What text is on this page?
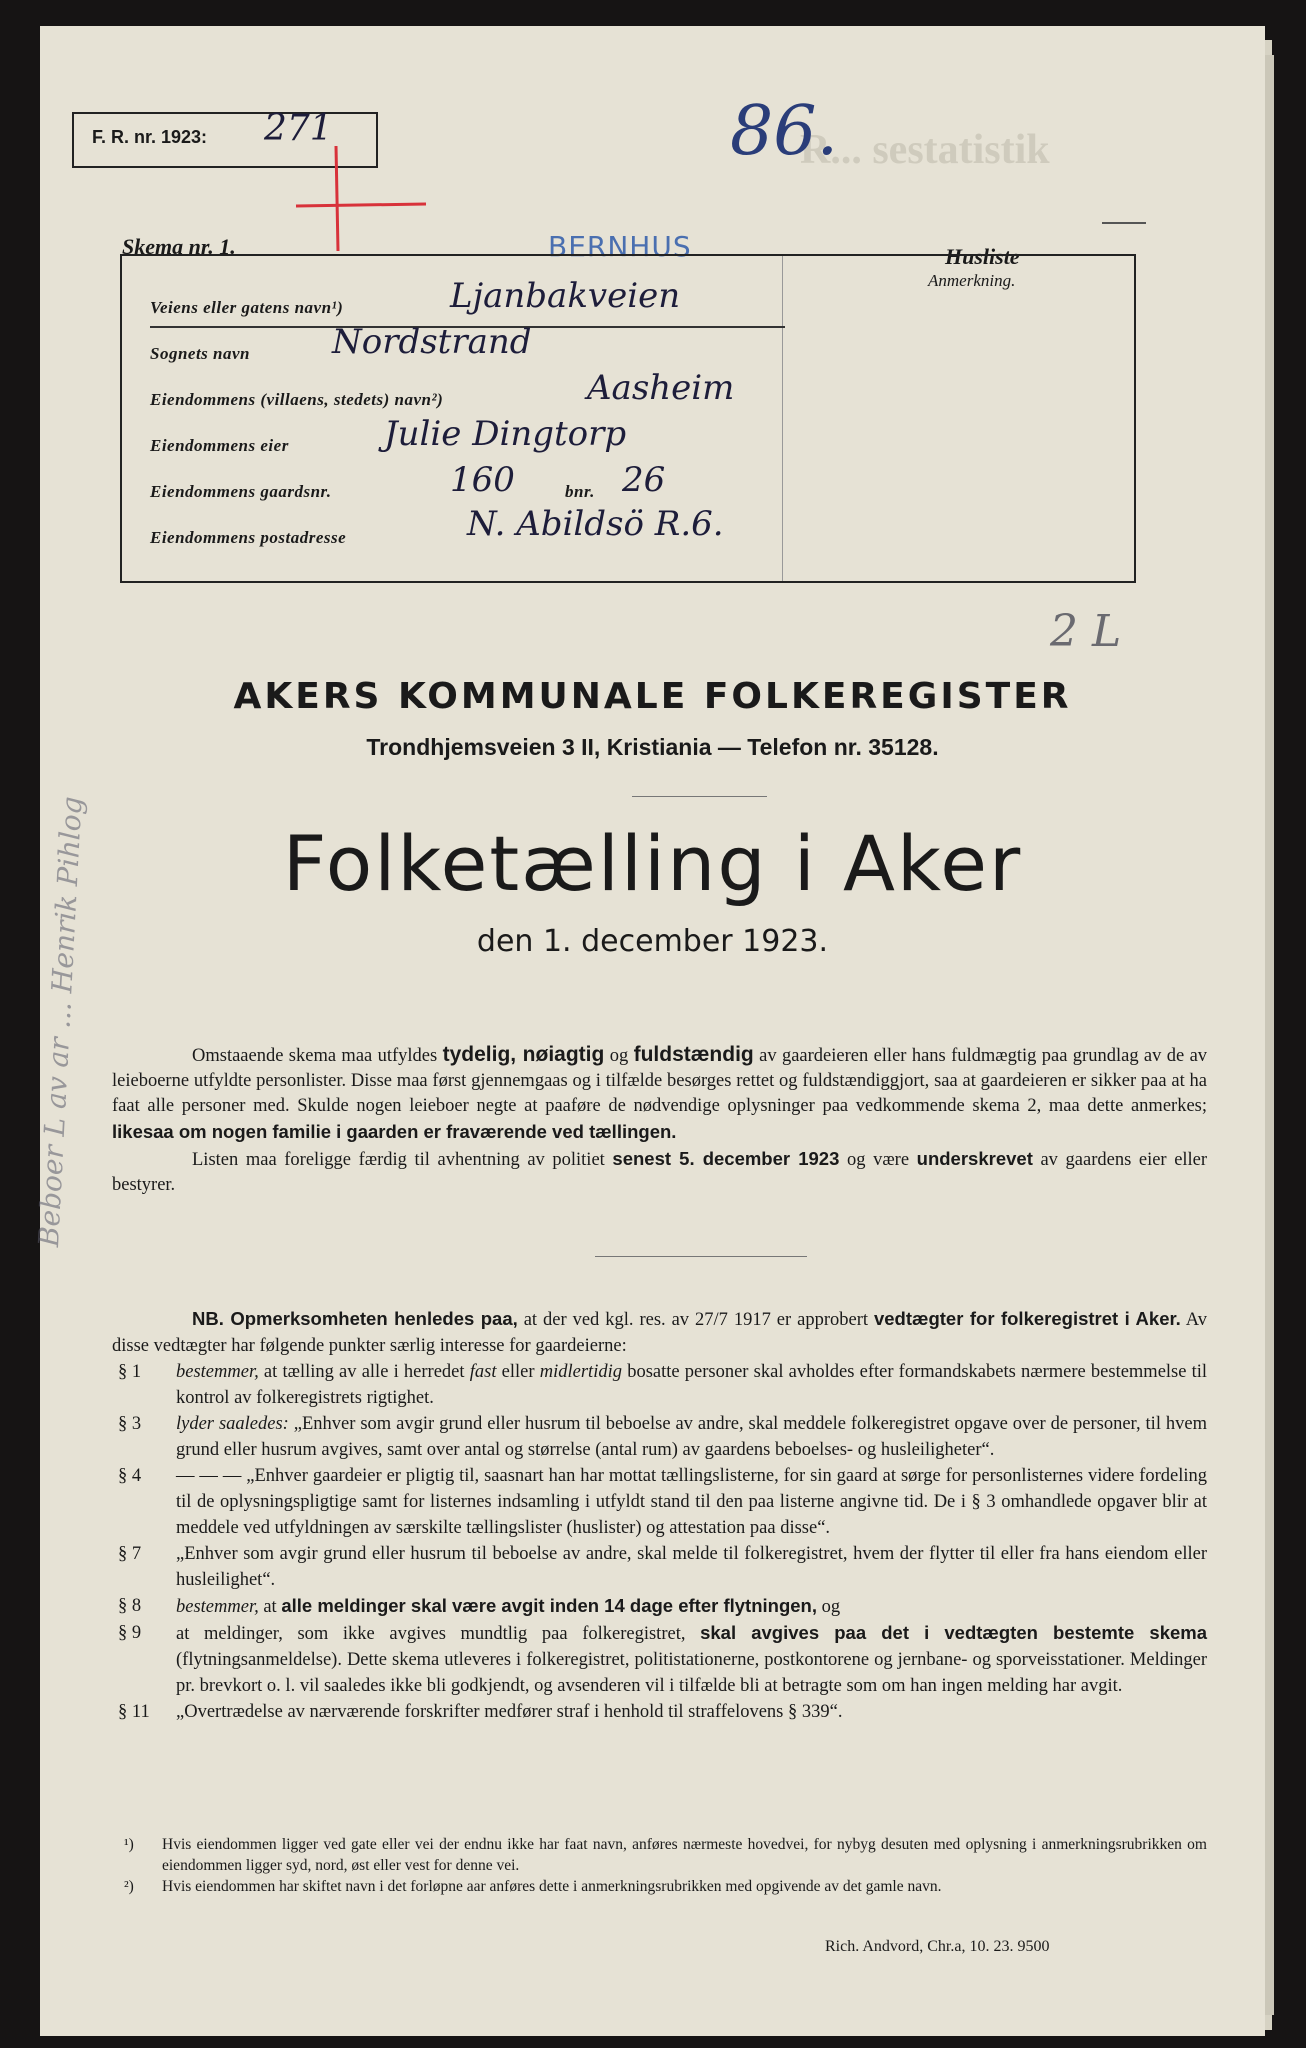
R... sestatistik
F. R. nr. 1923: 271	86.
Skema nr. 1.	BERNHUS	Husliste
Anmerkning.
Veiens eller gatens navn¹)	Ljanbakveien
Sognets navn Nordstrand
Eiendommens (villaens, stedets) navn²)	Aasheim
Eiendommens eier	Julie Dingtorp
Eiendommens gaardsnr.	160	bnr. 26
Eiendommens postadresse	N. Abildsö R.6.
2 L
Beboer L av ar ... Henrik Pihlog
AKERS KOMMUNALE FOLKEREGISTER
Trondhjemsveien 3 II, Kristiania — Telefon nr. 35128.
Folketælling i Aker
den 1. december 1923.

Omstaaende skema maa utfyldes tydelig, nøiagtig og fuldstændig av gaardeieren eller hans fuldmægtig paa grundlag av de av leieboerne utfyldte personlister. Disse maa først gjennemgaas og i tilfælde besørges rettet og fuldstændiggjort, saa at gaardeieren er sikker paa at ha faat alle personer med. Skulde nogen leieboer negte at paaføre de nødvendige oplysninger paa vedkommende skema 2, maa dette anmerkes; likesaa om nogen familie i gaarden er fraværende ved tællingen.

Listen maa foreligge færdig til avhentning av politiet senest 5. december 1923 og være underskrevet av gaardens eier eller bestyrer.

NB. Opmerksomheten henledes paa, at der ved kgl. res. av 27/7 1917 er approbert vedtægter for folkeregistret i Aker. Av disse vedtægter har følgende punkter særlig interesse for gaardeierne:
§ 1	bestemmer, at tælling av alle i herredet fast eller midlertidig bosatte personer skal avholdes efter formandskabets nærmere bestemmelse til kontrol av folkeregistrets rigtighet.
§ 3	lyder saaledes: „Enhver som avgir grund eller husrum til beboelse av andre, skal meddele folkeregistret opgave over de personer, til hvem grund eller husrum avgives, samt over antal og størrelse (antal rum) av gaardens beboelses- og husleiligheter“.
§ 4	— — — „Enhver gaardeier er pligtig til, saasnart han har mottat tællingslisterne, for sin gaard at sørge for personlisternes videre fordeling til de oplysningspligtige samt for listernes indsamling i utfyldt stand til den paa listerne angivne tid. De i § 3 omhandlede opgaver blir at meddele ved utfyldningen av særskilte tællingslister (huslister) og attestation paa disse“.
§ 7	„Enhver som avgir grund eller husrum til beboelse av andre, skal melde til folkeregistret, hvem der flytter til eller fra hans eiendom eller husleilighet“.
§ 8	bestemmer, at alle meldinger skal være avgit inden 14 dage efter flytningen, og
§ 9	at meldinger, som ikke avgives mundtlig paa folkeregistret, skal avgives paa det i vedtægten bestemte skema (flytningsanmeldelse). Dette skema utleveres i folkeregistret, politistationerne, postkontorene og jernbane- og sporveisstationer. Meldinger pr. brevkort o. l. vil saaledes ikke bli godkjendt, og avsenderen vil i tilfælde bli at betragte som om han ingen melding har avgit.
§ 11	„Overtrædelse av nærværende forskrifter medfører straf i henhold til straffelovens § 339“.
¹)	Hvis eiendommen ligger ved gate eller vei der endnu ikke har faat navn, anføres nærmeste hovedvei, for nybyg desuten med oplysning i anmerkningsrubrikken om eiendommen ligger syd, nord, øst eller vest for denne vei.
²)	Hvis eiendommen har skiftet navn i det forløpne aar anføres dette i anmerkningsrubrikken med opgivende av det gamle navn.
Rich. Andvord, Chr.a, 10. 23. 9500
